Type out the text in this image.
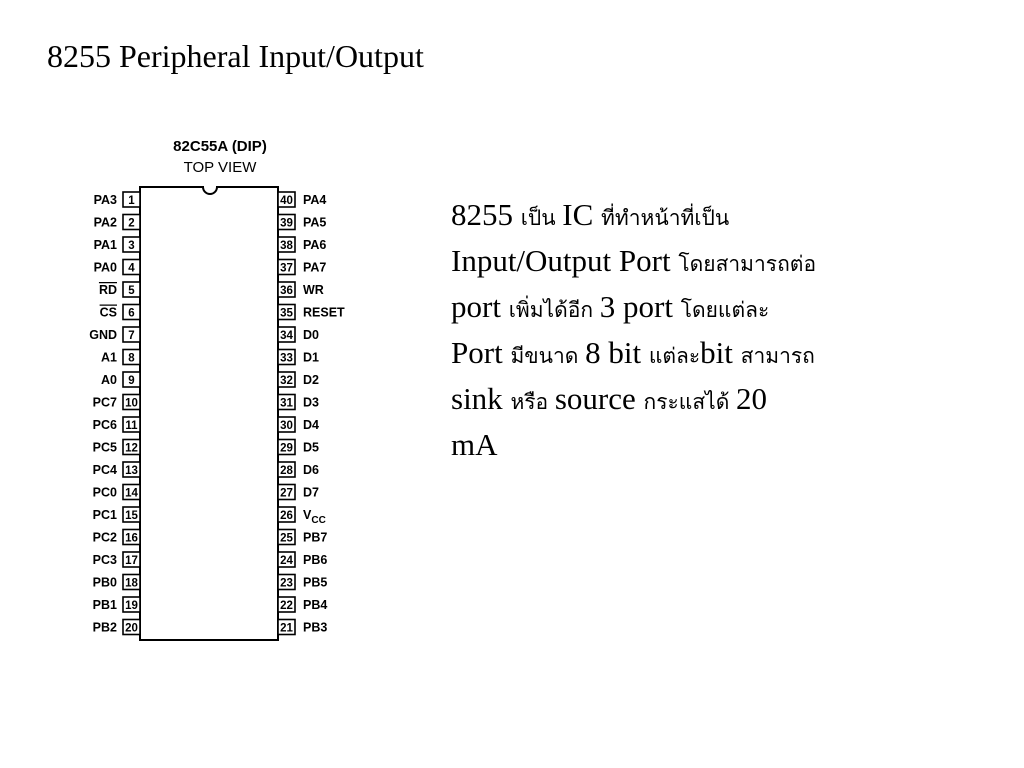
8255 Peripheral Input/Output
82C55A (DIP)
TOP VIEW
1
PA3
2
PA2
3
PA1
4
PA0
5
RD
6
CS
7
GND
8
A1
9
A0
10
PC7
11
PC6
12
PC5
13
PC4
14
PC0
15
PC1
16
PC2
17
PC3
18
PB0
19
PB1
20
PB2
40 PA4
39 PA5
38 PA6
37 PA7
36 WR
35 RESET
34 D0
33 D1
32 D2
31 D3
30 D4
29 D5
28 D6
27 D7
26 $V_{CC}$
25 PB7
24 PB6
23 PB5
22 PB4
21 PB3
8255 เป็น IC ที่ทำหน้าที่เป็น
Input/Output Port โดยสามารถต่อ
port เพิ่มได้อีก 3 port โดยแต่ละ
Port มีขนาด 8 bit แต่ละbit สามารถ
sink หรือ source กระแสได้ 20
mA
